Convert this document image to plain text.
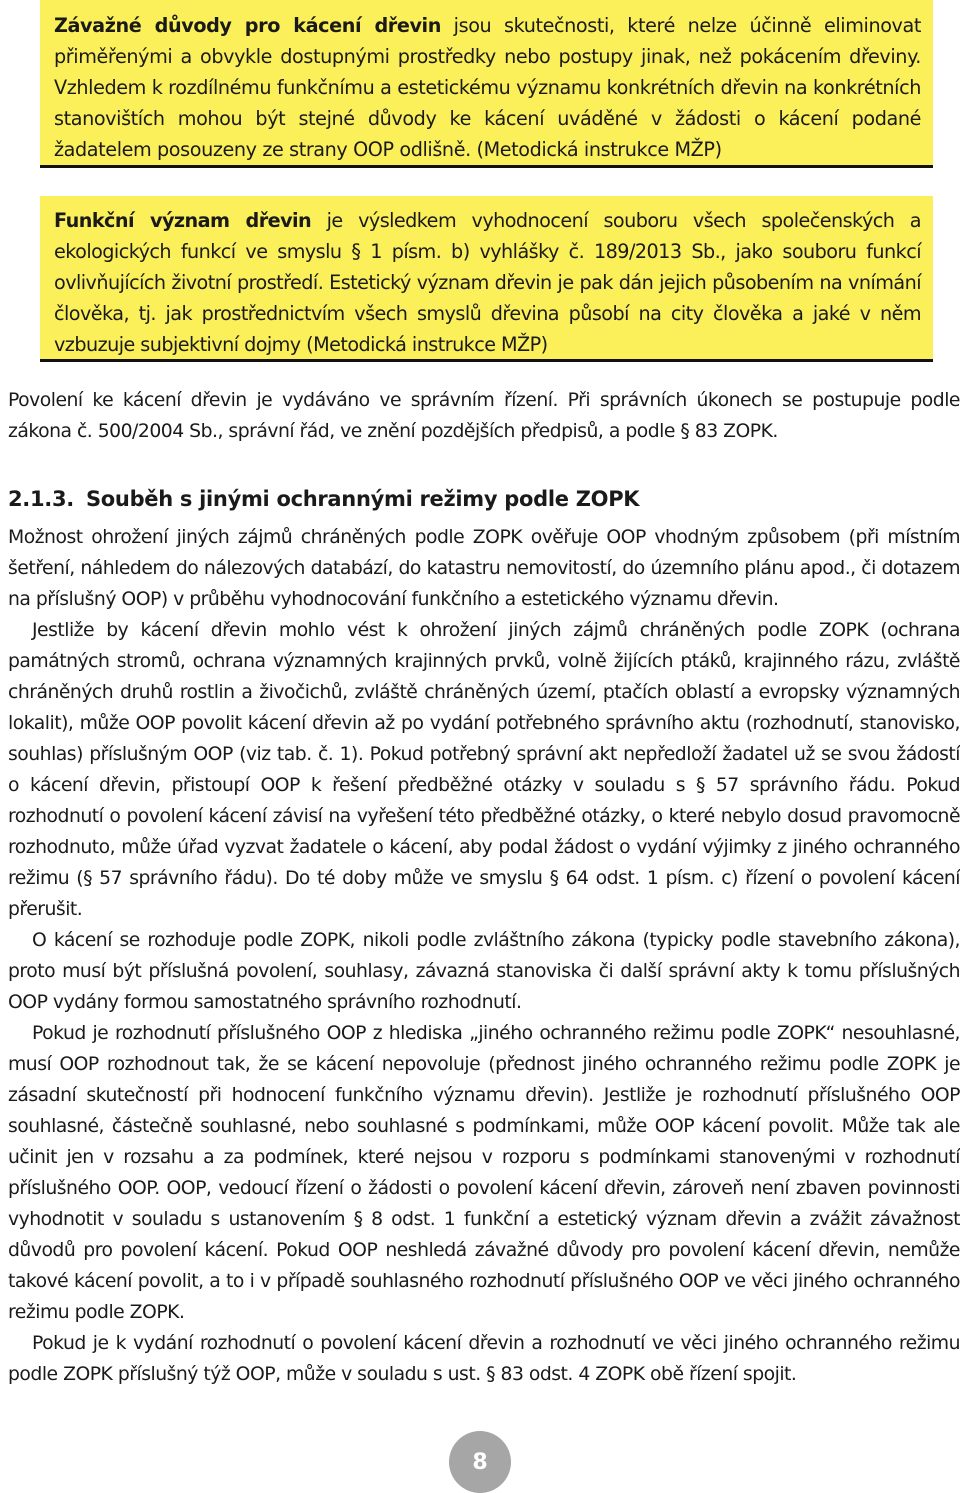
Závažné důvody pro kácení dřevin jsou skutečnosti, které nelze účinně eliminovat přiměřenými a obvykle dostupnými prostředky nebo postupy jinak, než pokácením dřeviny. Vzhledem k rozdílnému funkčnímu a estetickému významu konkrétních dřevin na konkrétních stanovištích mohou být stejné důvody ke kácení uváděné v žádosti o kácení podané žadatelem posouzeny ze strany OOP odlišně. (Metodická instrukce MŽP)

Funkční význam dřevin je výsledkem vyhodnocení souboru všech společenských a ekologických funkcí ve smyslu § 1 písm. b) vyhlášky č. 189/2013 Sb., jako souboru funkcí ovlivňujících životní prostředí. Estetický význam dřevin je pak dán jejich působením na vnímání člověka, tj. jak prostřednictvím všech smyslů dřevina působí na city člověka a jaké v něm vzbuzuje subjektivní dojmy (Metodická instrukce MŽP)

Povolení ke kácení dřevin je vydáváno ve správním řízení. Při správních úkonech se postupuje podle zákona č. 500/2004 Sb., správní řád, ve znění pozdějších předpisů, a podle § 83 ZOPK.

2.1.3. Souběh s jinými ochrannými režimy podle ZOPK

Možnost ohrožení jiných zájmů chráněných podle ZOPK ověřuje OOP vhodným způsobem (při místním šetření, náhledem do nálezových databází, do katastru nemovitostí, do územního plánu apod., či dotazem na příslušný OOP) v průběhu vyhodnocování funkčního a estetického významu dřevin.

Jestliže by kácení dřevin mohlo vést k ohrožení jiných zájmů chráněných podle ZOPK (ochrana památných stromů, ochrana významných krajinných prvků, volně žijících ptáků, krajinného rázu, zvláště chráněných druhů rostlin a živočichů, zvláště chráněných území, ptačích oblastí a evropsky významných lokalit), může OOP povolit kácení dřevin až po vydání potřebného správního aktu (rozhodnutí, stanovisko, souhlas) příslušným OOP (viz tab. č. 1). Pokud potřebný správní akt nepředloží žadatel už se svou žádostí o kácení dřevin, přistoupí OOP k řešení předběžné otázky v souladu s § 57 správního řádu. Pokud rozhodnutí o povolení kácení závisí na vyřešení této předběžné otázky, o které nebylo dosud pravomocně rozhodnuto, může úřad vyzvat žadatele o kácení, aby podal žádost o vydání výjimky z jiného ochranného režimu (§ 57 správního řádu). Do té doby může ve smyslu § 64 odst. 1 písm. c) řízení o povolení kácení přerušit.

O kácení se rozhoduje podle ZOPK, nikoli podle zvláštního zákona (typicky podle stavebního zákona), proto musí být příslušná povolení, souhlasy, závazná stanoviska či další správní akty k tomu příslušných OOP vydány formou samostatného správního rozhodnutí.

Pokud je rozhodnutí příslušného OOP z hlediska „jiného ochranného režimu podle ZOPK“ nesouhlasné, musí OOP rozhodnout tak, že se kácení nepovoluje (přednost jiného ochranného režimu podle ZOPK je zásadní skutečností při hodnocení funkčního významu dřevin). Jestliže je rozhodnutí příslušného OOP souhlasné, částečně souhlasné, nebo souhlasné s podmínkami, může OOP kácení povolit. Může tak ale učinit jen v rozsahu a za podmínek, které nejsou v rozporu s podmínkami stanovenými v rozhodnutí příslušného OOP. OOP, vedoucí řízení o žádosti o povolení kácení dřevin, zároveň není zbaven povinnosti vyhodnotit v souladu s ustanovením § 8 odst. 1 funkční a estetický význam dřevin a zvážit závažnost důvodů pro povolení kácení. Pokud OOP neshledá závažné důvody pro povolení kácení dřevin, nemůže takové kácení povolit, a to i v případě souhlasného rozhodnutí příslušného OOP ve věci jiného ochranného režimu podle ZOPK.

Pokud je k vydání rozhodnutí o povolení kácení dřevin a rozhodnutí ve věci jiného ochranného režimu podle ZOPK příslušný týž OOP, může v souladu s ust. § 83 odst. 4 ZOPK obě řízení spojit.

8
